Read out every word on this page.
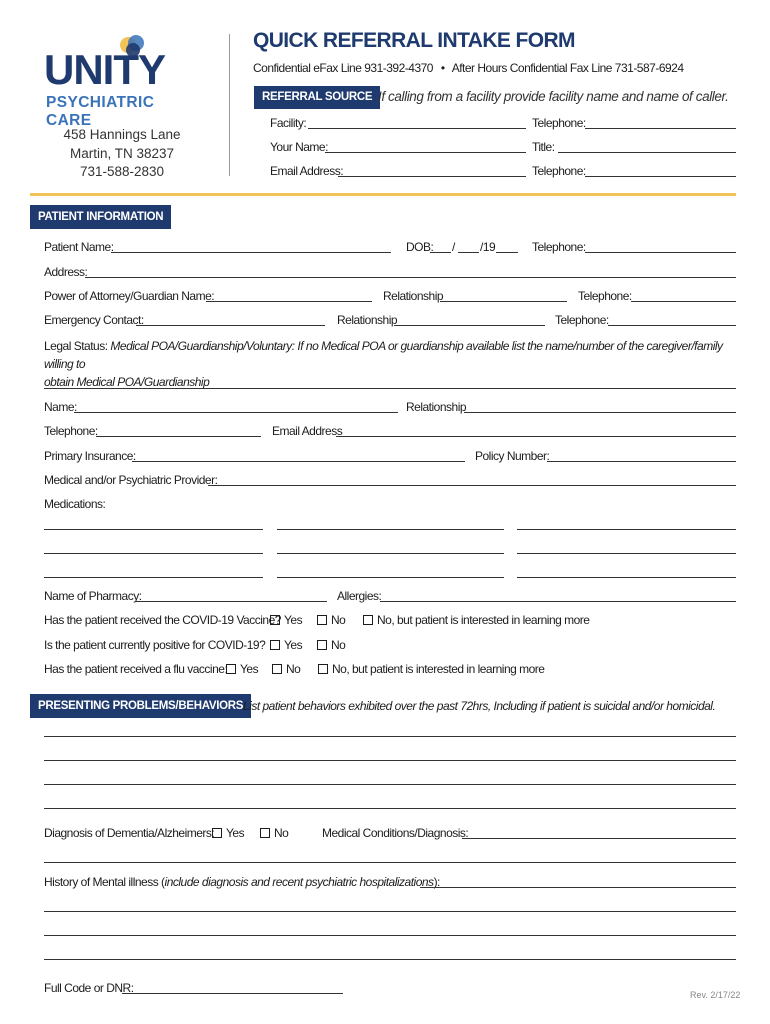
UNITY
PSYCHIATRIC CARE
458 Hannings Lane
Martin, TN 38237
731-588-2830
QUICK REFERRAL INTAKE FORM
Confidential eFax Line 931-392-4370 • After Hours Confidential Fax Line 731-587-6924
REFERRAL SOURCE If calling from a facility provide facility name and name of caller.
Facility:	Telephone:
Your Name:	Title:
Email Address:	Telephone:
PATIENT INFORMATION
Patient Name:	DOB: / /19	Telephone:
Address:
Power of Attorney/Guardian Name:	Relationship	Telephone:
Emergency Contact:	Relationship	Telephone:
Legal Status: Medical POA/Guardianship/Voluntary: If no Medical POA or guardianship available list the name/number of the caregiver/family willing to
obtain Medical POA/Guardianship
Name:	Relationship
Telephone:	Email Address
Primary Insurance:	Policy Number:
Medical and/or Psychiatric Provider:
Medications:
Name of Pharmacy:	Allergies:
Has the patient received the COVID-19 Vaccine? Yes	No	No, but patient is interested in learning more
Is the patient currently positive for COVID-19?	Yes	No
Has the patient received a flu vaccine:	Yes	No	No, but patient is interested in learning more
PRESENTING PROBLEMS/BEHAVIORS List patient behaviors exhibited over the past 72hrs, Including if patient is suicidal and/or homicidal.
Diagnosis of Dementia/Alzheimers: Yes	No	Medical Conditions/Diagnosis:
History of Mental illness (include diagnosis and recent psychiatric hospitalizations):
Full Code or DNR:	Rev. 2/17/22
